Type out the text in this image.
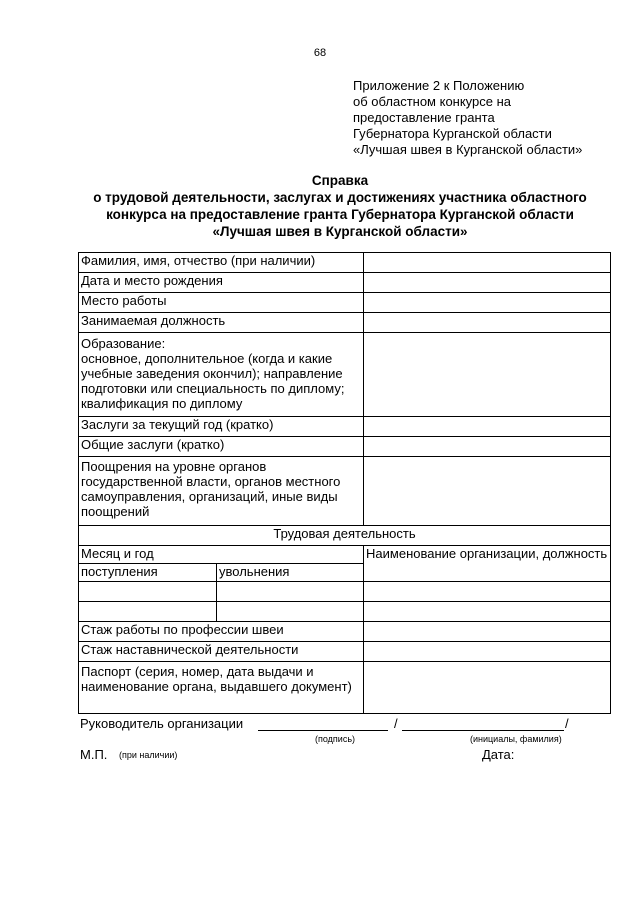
68
Приложение 2 к Положению
об областном конкурсе на
предоставление гранта
Губернатора Курганской области
«Лучшая швея в Курганской области»
Справка
о трудовой деятельности, заслугах и достижениях участника областного
конкурса на предоставление гранта Губернатора Курганской области
«Лучшая швея в Курганской области»
Фамилия, имя, отчество (при наличии)		
Дата и место рождения		
Место работы		
Занимаемая должность		
Образование:
основное, дополнительное (когда и какие учебные заведения окончил); направление подготовки или специальность по диплому; квалификация по диплому		
Заслуги за текущий год (кратко)		
Общие заслуги (кратко)		
Поощрения на уровне органов государственной власти, органов местного самоуправления, организаций, иные виды поощрений		
Трудовая деятельность		
Месяц и год		Наименование организации, должность
поступления	увольнения	

Стаж работы по профессии швеи		
Стаж наставнической деятельности		
Паспорт (серия, номер, дата выдачи и наименование органа, выдавшего документ)		
Руководитель организации	/	/
(подпись)	(инициалы, фамилия)
М.П. (при наличии)	Дата:
